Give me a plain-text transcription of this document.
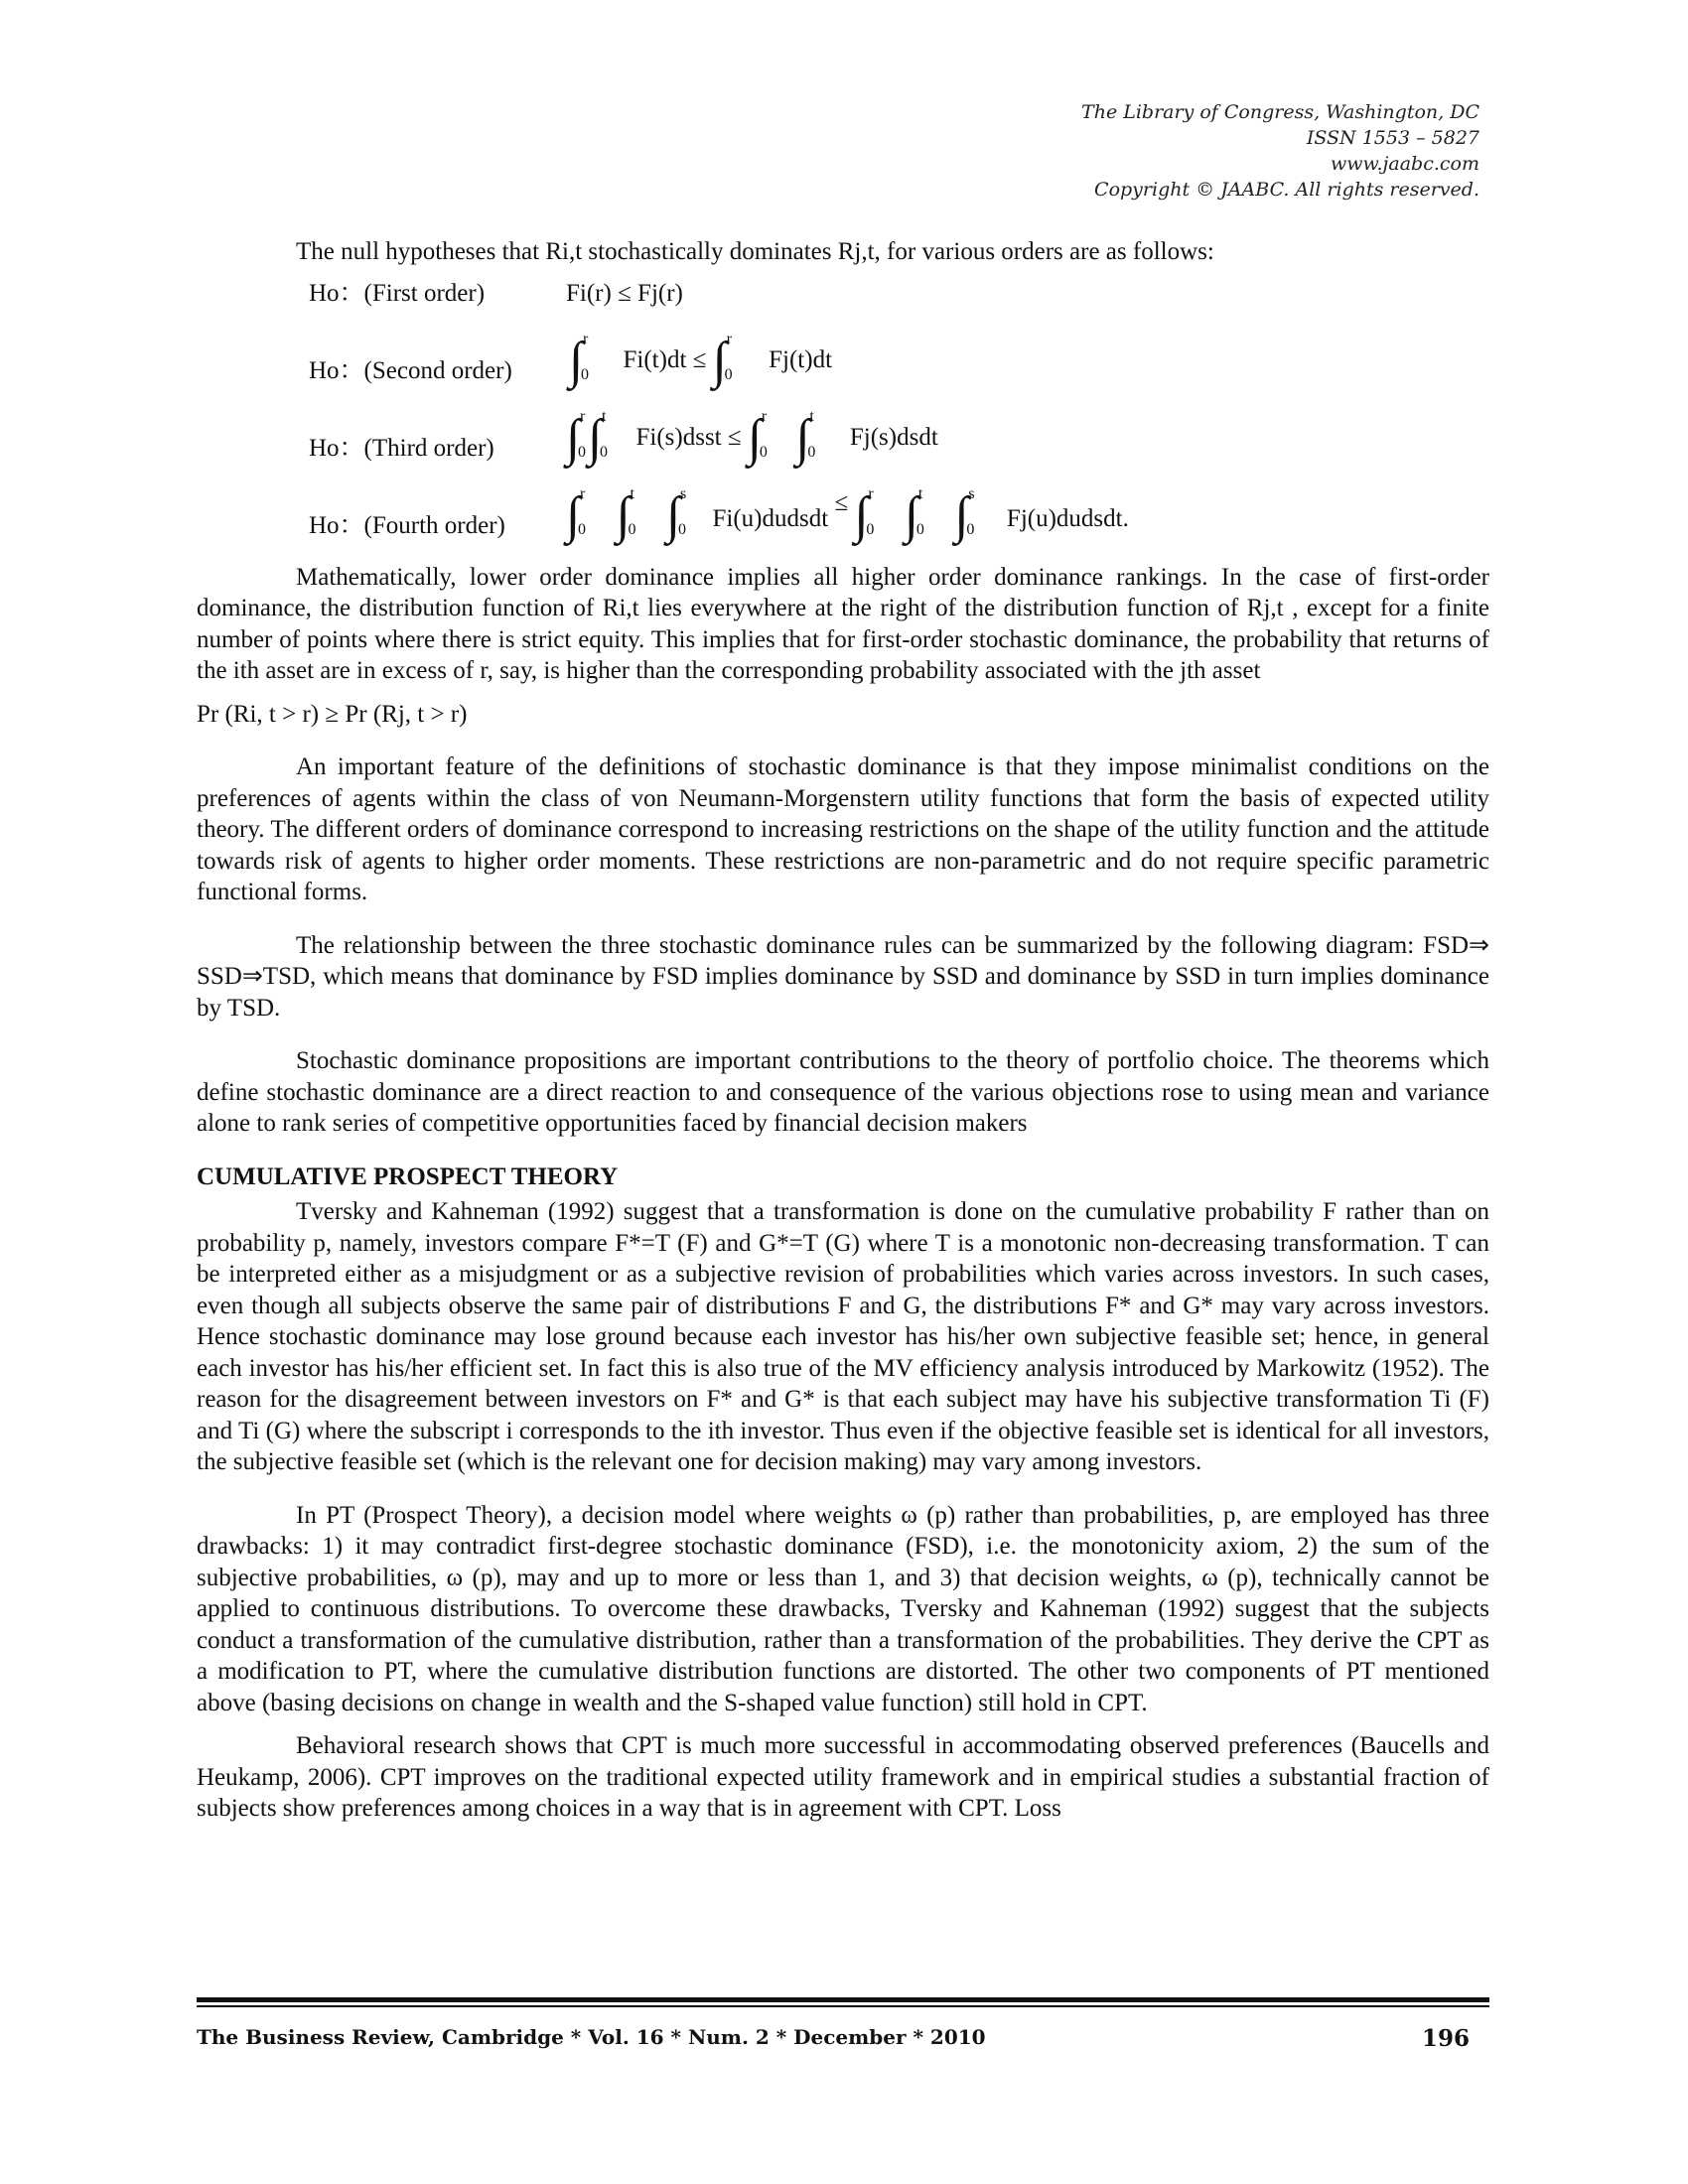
The Library of Congress, Washington, DC
ISSN 1553 – 5827
www.jaabc.com
Copyright © JAABC. All rights reserved.

The null hypotheses that Ri,t stochastically dominates Rj,t, for various orders are as follows:

Ho：(First order)	Fi(r) ≤ Fj(r)
Ho：(Second order) ∫ r
0
Fi(t)dt ≤ ∫ r
0
Fj(t)dt
Ho：(Third order) ∫ r
0 ∫ t
0
Fi(s)dsst ≤ ∫ r
0 ∫ t
0
Fj(s)dsdt
Ho：(Fourth order) ∫ r
0 ∫ t
0 ∫ s
0 Fi(u)dudsdt ≤ ∫ r
0 ∫ t
0 ∫ s
0 Fj(u)dudsdt.

Mathematically, lower order dominance implies all higher order dominance rankings. In the case of first-order dominance, the distribution function of Ri,t lies everywhere at the right of the distribution function of Rj,t , except for a finite number of points where there is strict equity. This implies that for first-order stochastic dominance, the probability that returns of the ith asset are in excess of r, say, is higher than the corresponding probability associated with the jth asset

Pr (Ri, t > r) ≥ Pr (Rj, t > r)

An important feature of the definitions of stochastic dominance is that they impose minimalist conditions on the preferences of agents within the class of von Neumann-Morgenstern utility functions that form the basis of expected utility theory. The different orders of dominance correspond to increasing restrictions on the shape of the utility function and the attitude towards risk of agents to higher order moments. These restrictions are non-parametric and do not require specific parametric functional forms.

The relationship between the three stochastic dominance rules can be summarized by the following diagram: FSD⇒ SSD⇒TSD, which means that dominance by FSD implies dominance by SSD and dominance by SSD in turn implies dominance by TSD.

Stochastic dominance propositions are important contributions to the theory of portfolio choice. The theorems which define stochastic dominance are a direct reaction to and consequence of the various objections rose to using mean and variance alone to rank series of competitive opportunities faced by financial decision makers

CUMULATIVE PROSPECT THEORY

Tversky and Kahneman (1992) suggest that a transformation is done on the cumulative probability F rather than on probability p, namely, investors compare F*=T (F) and G*=T (G) where T is a monotonic non-decreasing transformation. T can be interpreted either as a misjudgment or as a subjective revision of probabilities which varies across investors. In such cases, even though all subjects observe the same pair of distributions F and G, the distributions F* and G* may vary across investors. Hence stochastic dominance may lose ground because each investor has his/her own subjective feasible set; hence, in general each investor has his/her efficient set. In fact this is also true of the MV efficiency analysis introduced by Markowitz (1952). The reason for the disagreement between investors on F* and G* is that each subject may have his subjective transformation Ti (F) and Ti (G) where the subscript i corresponds to the ith investor. Thus even if the objective feasible set is identical for all investors, the subjective feasible set (which is the relevant one for decision making) may vary among investors.

In PT (Prospect Theory), a decision model where weights ω (p) rather than probabilities, p, are employed has three drawbacks: 1) it may contradict first-degree stochastic dominance (FSD), i.e. the monotonicity axiom, 2) the sum of the subjective probabilities, ω (p), may and up to more or less than 1, and 3) that decision weights, ω (p), technically cannot be applied to continuous distributions. To overcome these drawbacks, Tversky and Kahneman (1992) suggest that the subjects conduct a transformation of the cumulative distribution, rather than a transformation of the probabilities. They derive the CPT as a modification to PT, where the cumulative distribution functions are distorted. The other two components of PT mentioned above (basing decisions on change in wealth and the S-shaped value function) still hold in CPT.

Behavioral research shows that CPT is much more successful in accommodating observed preferences (Baucells and Heukamp, 2006). CPT improves on the traditional expected utility framework and in empirical studies a substantial fraction of subjects show preferences among choices in a way that is in agreement with CPT. Loss

The Business Review, Cambridge * Vol. 16 * Num. 2 * December * 2010	196
